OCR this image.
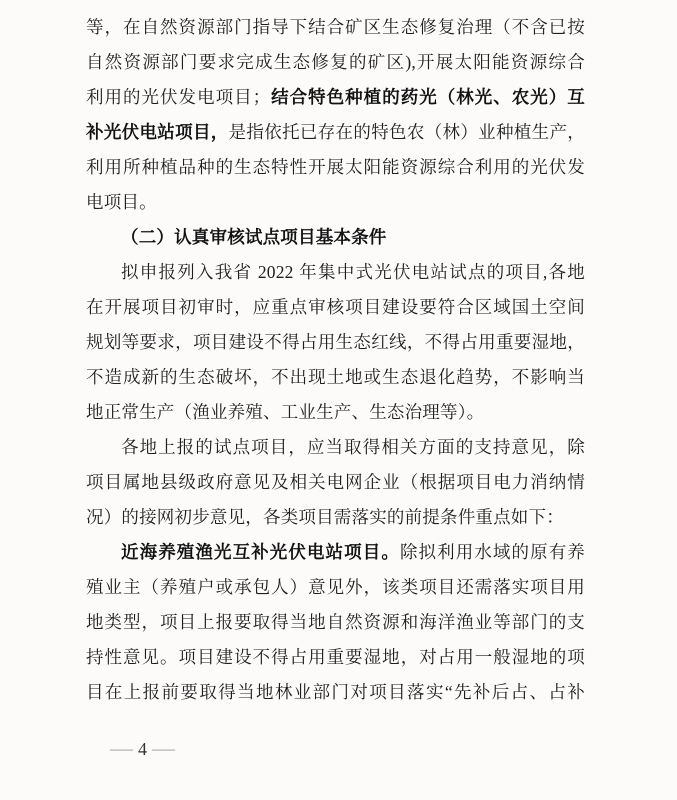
等，在自然资源部门指导下结合矿区生态修复治理（不含已按
自然资源部门要求完成生态修复的矿区),开展太阳能资源综合
利用的光伏发电项目；结合特色种植的药光（林光、农光）互
补光伏电站项目，是指依托已存在的特色农（林）业种植生产，
利用所种植品种的生态特性开展太阳能资源综合利用的光伏发
电项目。
（二）认真审核试点项目基本条件
拟申报列入我省 2022 年集中式光伏电站试点的项目,各地
在开展项目初审时，应重点审核项目建设要符合区域国土空间
规划等要求，项目建设不得占用生态红线，不得占用重要湿地，
不造成新的生态破坏，不出现土地或生态退化趋势，不影响当
地正常生产（渔业养殖、工业生产、生态治理等）。
各地上报的试点项目，应当取得相关方面的支持意见，除
项目属地县级政府意见及相关电网企业（根据项目电力消纳情
况）的接网初步意见，各类项目需落实的前提条件重点如下：
近海养殖渔光互补光伏电站项目。除拟利用水域的原有养
殖业主（养殖户或承包人）意见外，该类项目还需落实项目用
地类型，项目上报要取得当地自然资源和海洋渔业等部门的支
持性意见。项目建设不得占用重要湿地，对占用一般湿地的项
目在上报前要取得当地林业部门对项目落实“先补后占、占补
— 4 —
